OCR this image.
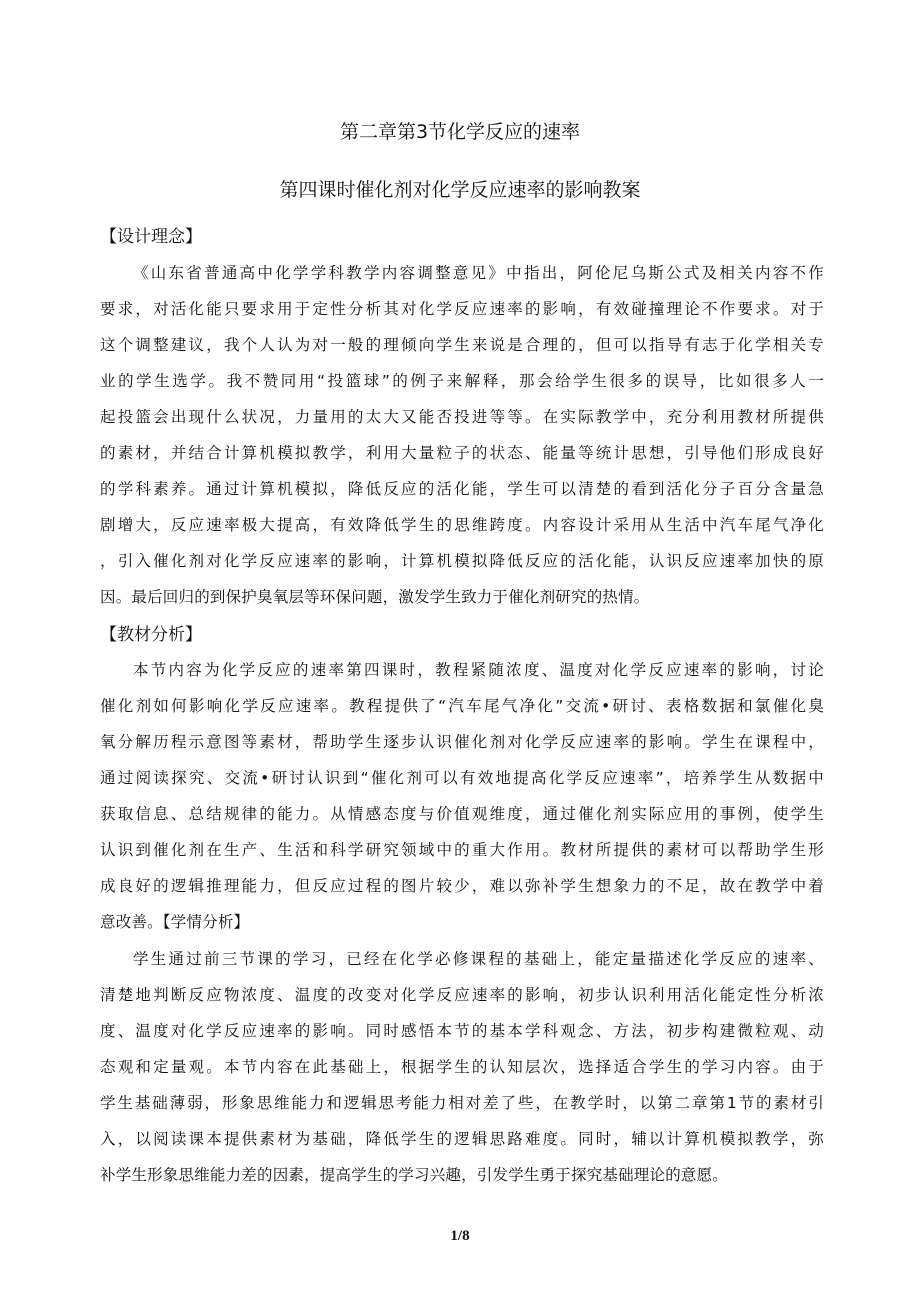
第二章第3节化学反应的速率
第四课时催化剂对化学反应速率的影响教案
【设计理念】
《山东省普通高中化学学科教学内容调整意见》中指出，阿伦尼乌斯公式及相关内容不作
要求，对活化能只要求用于定性分析其对化学反应速率的影响，有效碰撞理论不作要求。对于
这个调整建议，我个人认为对一般的理倾向学生来说是合理的，但可以指导有志于化学相关专
业的学生选学。我不赞同用“投篮球”的例子来解释，那会给学生很多的误导，比如很多人一
起投篮会出现什么状况，力量用的太大又能否投进等等。在实际教学中，充分利用教材所提供
的素材，并结合计算机模拟教学，利用大量粒子的状态、能量等统计思想，引导他们形成良好
的学科素养。通过计算机模拟，降低反应的活化能，学生可以清楚的看到活化分子百分含量急
剧增大，反应速率极大提高，有效降低学生的思维跨度。内容设计采用从生活中汽车尾气净化
，引入催化剂对化学反应速率的影响，计算机模拟降低反应的活化能，认识反应速率加快的原
因。最后回归的到保护臭氧层等环保问题，激发学生致力于催化剂研究的热情。
【教材分析】
本节内容为化学反应的速率第四课时，教程紧随浓度、温度对化学反应速率的影响，讨论
催化剂如何影响化学反应速率。教程提供了“汽车尾气净化”交流•研讨、表格数据和氯催化臭
氧分解历程示意图等素材，帮助学生逐步认识催化剂对化学反应速率的影响。学生在课程中，
通过阅读探究、交流•研讨认识到“催化剂可以有效地提高化学反应速率”，培养学生从数据中
获取信息、总结规律的能力。从情感态度与价值观维度，通过催化剂实际应用的事例，使学生
认识到催化剂在生产、生活和科学研究领域中的重大作用。教材所提供的素材可以帮助学生形
成良好的逻辑推理能力，但反应过程的图片较少，难以弥补学生想象力的不足，故在教学中着
意改善。【学情分析】
学生通过前三节课的学习，已经在化学必修课程的基础上，能定量描述化学反应的速率、
清楚地判断反应物浓度、温度的改变对化学反应速率的影响，初步认识利用活化能定性分析浓
度、温度对化学反应速率的影响。同时感悟本节的基本学科观念、方法，初步构建微粒观、动
态观和定量观。本节内容在此基础上，根据学生的认知层次，选择适合学生的学习内容。由于
学生基础薄弱，形象思维能力和逻辑思考能力相对差了些，在教学时，以第二章第1节的素材引
入，以阅读课本提供素材为基础，降低学生的逻辑思路难度。同时，辅以计算机模拟教学，弥
补学生形象思维能力差的因素，提高学生的学习兴趣，引发学生勇于探究基础理论的意愿。
1/8
